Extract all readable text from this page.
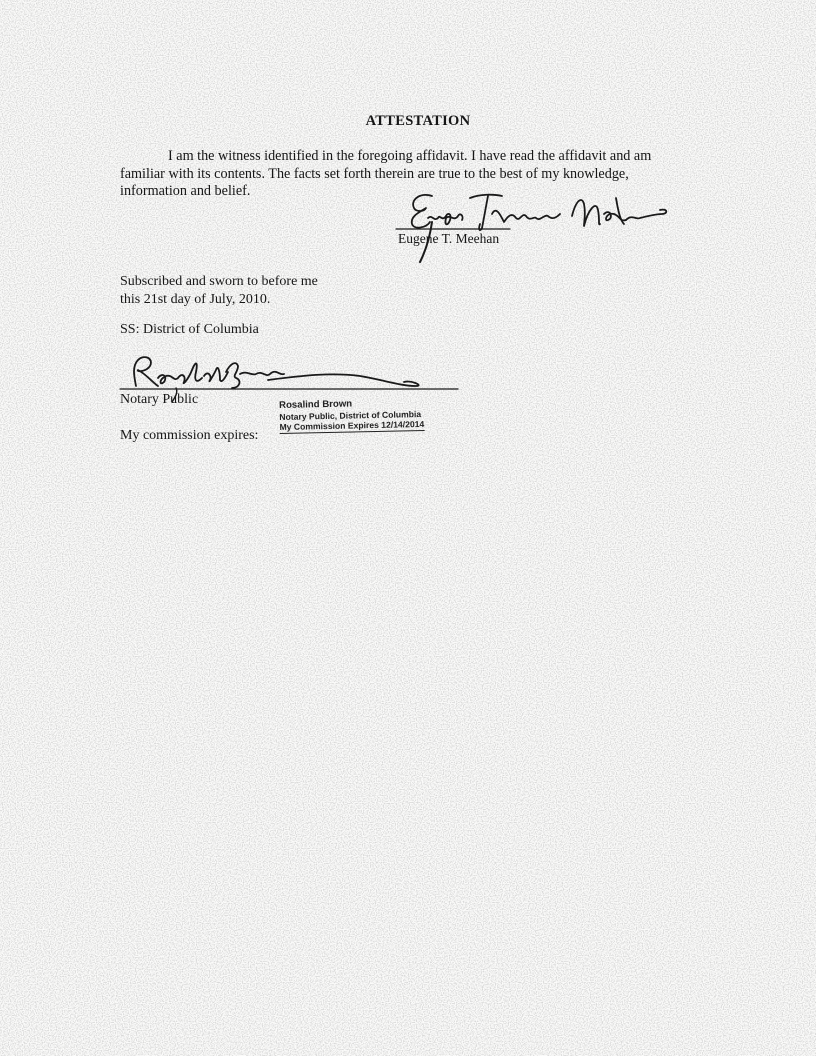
ATTESTATION

I am the witness identified in the foregoing affidavit. I have read the affidavit and am

familiar with its contents. The facts set forth therein are true to the best of my knowledge,

information and belief.

Eugene T. Meehan

Subscribed and sworn to before me

this 21st day of July, 2010.

SS: District of Columbia
Notary Public
My commission expires:
Rosalind Brown
Notary Public, District of Columbia
My Commission Expires 12/14/2014
